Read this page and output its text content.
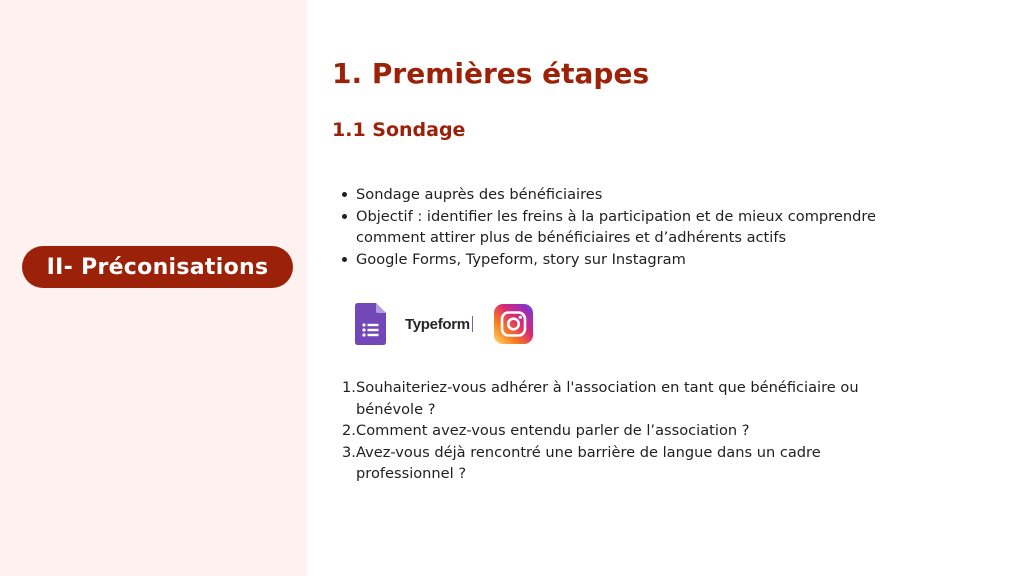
II- Préconisations
1. Premières étapes
1.1 Sondage
Sondage auprès des bénéficiaires
Objectif : identifier les freins à la participation et de mieux comprendre comment attirer plus de bénéficiaires et d’adhérents actifs
Google Forms, Typeform, story sur Instagram
Typeform
1. Souhaiteriez-vous adhérer à l'association en tant que bénéficiaire ou bénévole ?
2. Comment avez-vous entendu parler de l’association ?
3. Avez-vous déjà rencontré une barrière de langue dans un cadre professionnel ?
